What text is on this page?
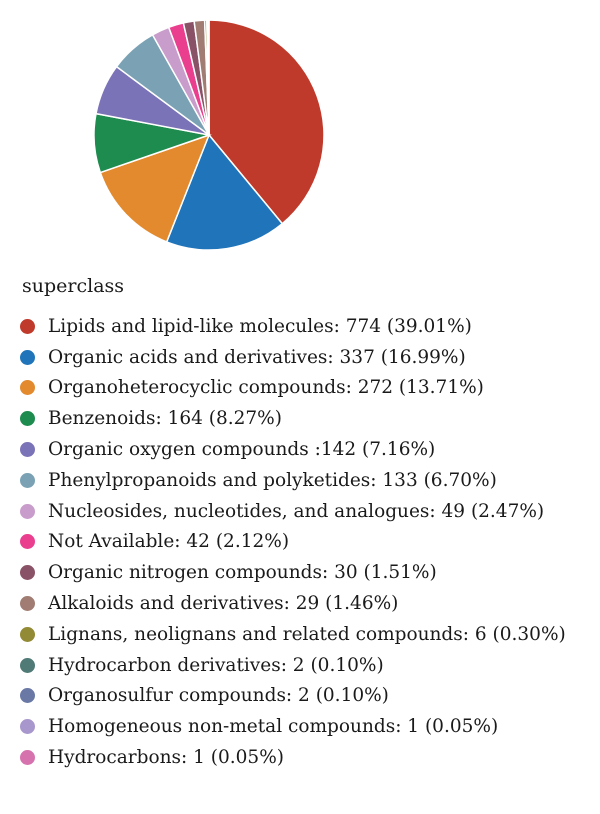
superclass
Lipids and lipid-like molecules: 774 (39.01%)
Organic acids and derivatives: 337 (16.99%)
Organoheterocyclic compounds: 272 (13.71%)
Benzenoids: 164 (8.27%)
Organic oxygen compounds :142 (7.16%)
Phenylpropanoids and polyketides: 133 (6.70%)
Nucleosides, nucleotides, and analogues: 49 (2.47%)
Not Available: 42 (2.12%)
Organic nitrogen compounds: 30 (1.51%)
Alkaloids and derivatives: 29 (1.46%)
Lignans, neolignans and related compounds: 6 (0.30%)
Hydrocarbon derivatives: 2 (0.10%)
Organosulfur compounds: 2 (0.10%)
Homogeneous non-metal compounds: 1 (0.05%)
Hydrocarbons: 1 (0.05%)
